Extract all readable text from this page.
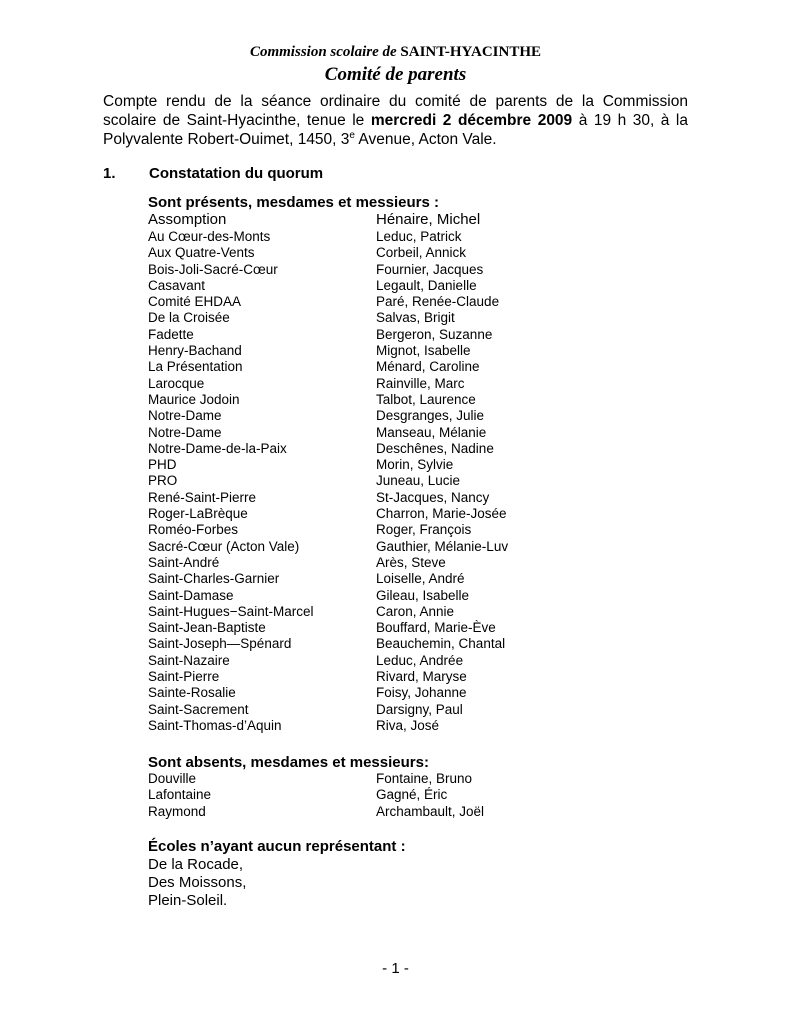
Commission scolaire de SAINT-HYACINTHE
Comité de parents
Compte rendu de la séance ordinaire du comité de parents de la Commission scolaire de Saint-Hyacinthe, tenue le mercredi 2 décembre 2009 à 19 h 30, à la Polyvalente Robert-Ouimet, 1450, 3e Avenue, Acton Vale.
1. Constatation du quorum
Sont présents, mesdames et messieurs :
Assomption	Hénaire, Michel
Au Cœur-des-Monts	Leduc, Patrick
Aux Quatre-Vents	Corbeil, Annick
Bois-Joli-Sacré-Cœur	Fournier, Jacques
Casavant	Legault, Danielle
Comité EHDAA	Paré, Renée-Claude
De la Croisée	Salvas, Brigit
Fadette	Bergeron, Suzanne
Henry-Bachand	Mignot, Isabelle
La Présentation	Ménard, Caroline
Larocque	Rainville, Marc
Maurice Jodoin	Talbot, Laurence
Notre-Dame	Desgranges, Julie
Notre-Dame	Manseau, Mélanie
Notre-Dame-de-la-Paix	Deschênes, Nadine
PHD	Morin, Sylvie
PRO	Juneau, Lucie
René-Saint-Pierre	St-Jacques, Nancy
Roger-LaBrèque	Charron, Marie-Josée
Roméo-Forbes	Roger, François
Sacré-Cœur (Acton Vale)	Gauthier, Mélanie-Luv
Saint-André	Arès, Steve
Saint-Charles-Garnier	Loiselle, André
Saint-Damase	Gileau, Isabelle
Saint-Hugues−Saint-Marcel	Caron, Annie
Saint-Jean-Baptiste	Bouffard, Marie-Ève
Saint-Joseph—Spénard	Beauchemin, Chantal
Saint-Nazaire	Leduc, Andrée
Saint-Pierre	Rivard, Maryse
Sainte-Rosalie	Foisy, Johanne
Saint-Sacrement	Darsigny, Paul
Saint-Thomas-d’Aquin	Riva, José
Sont absents, mesdames et messieurs:
Douville	Fontaine, Bruno
Lafontaine	Gagné, Éric
Raymond	Archambault, Joël
Écoles n’ayant aucun représentant :
De la Rocade,
Des Moissons,
Plein-Soleil.
- 1 -
